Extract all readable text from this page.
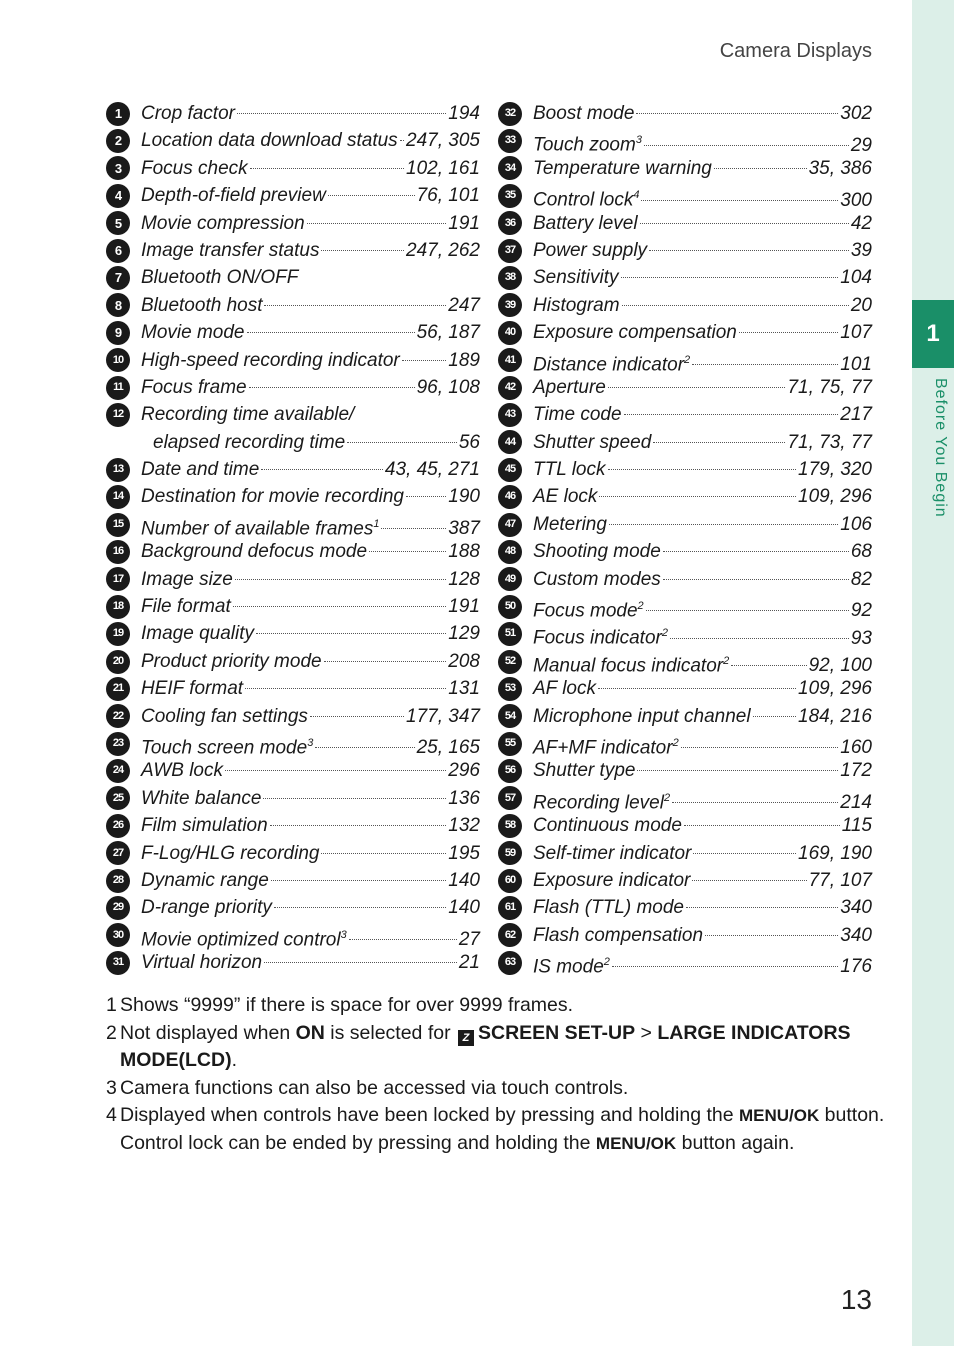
1
Before You Begin
Camera Displays
1	Crop factor	194
2	Location data download status 247, 305
3	Focus check	102, 161
4	Depth-of-field preview	76, 101
5	Movie compression	191
6	Image transfer status	247, 262
7	Bluetooth ON/OFF
8	Bluetooth host	247
9	Movie mode	56, 187
10 High-speed recording indicator	189
11 Focus frame	96, 108
12 Recording time available/
elapsed recording time	56
13 Date and time	43, 45, 271
14 Destination for movie recording 190
15 Number of available frames$^1$	387
16 Background defocus mode	188
17 Image size	128
18 File format	191
19 Image quality	129
20 Product priority mode	208
21 HEIF format	131
22 Cooling fan settings	177, 347
23 Touch screen mode$^3$	25, 165
24 AWB lock	296
25 White balance	136
26 Film simulation	132
27 F-Log/HLG recording	195
28 Dynamic range	140
29 D-range priority	140
30 Movie optimized control$^3$	27
31 Virtual horizon	21
32 Boost mode	302
33 Touch zoom$^3$	29
34 Temperature warning	35, 386
35 Control lock$^4$	300
36 Battery level	42
37 Power supply	39
38 Sensitivity	104
39 Histogram	20
40 Exposure compensation	107
41 Distance indicator$^2$	101
42 Aperture	71, 75, 77
43 Time code	217
44 Shutter speed	71, 73, 77
45 TTL lock	179, 320
46 AE lock	109, 296
47 Metering	106
48 Shooting mode	68
49 Custom modes	82
50 Focus mode$^2$	92
51 Focus indicator$^2$	93
52 Manual focus indicator$^2$	92, 100
53 AF lock	109, 296
54 Microphone input channel 184, 216
55 AF+MF indicator$^2$	160
56 Shutter type	172
57 Recording level$^2$	214
58 Continuous mode	115
59 Self-timer indicator	169, 190
60 Exposure indicator	77, 107
61 Flash (TTL) mode	340
62 Flash compensation	340
63 IS mode$^2$	176
1 Shows “9999” if there is space for over 9999 frames.
2 Not displayed when ON is selected for Z SCREEN SET-UP > LARGE INDICATORS MODE(LCD).
3 Camera functions can also be accessed via touch controls.
4 Displayed when controls have been locked by pressing and holding the MENU/OK button. Control lock can be ended by pressing and holding the MENU/OK button again.
13
